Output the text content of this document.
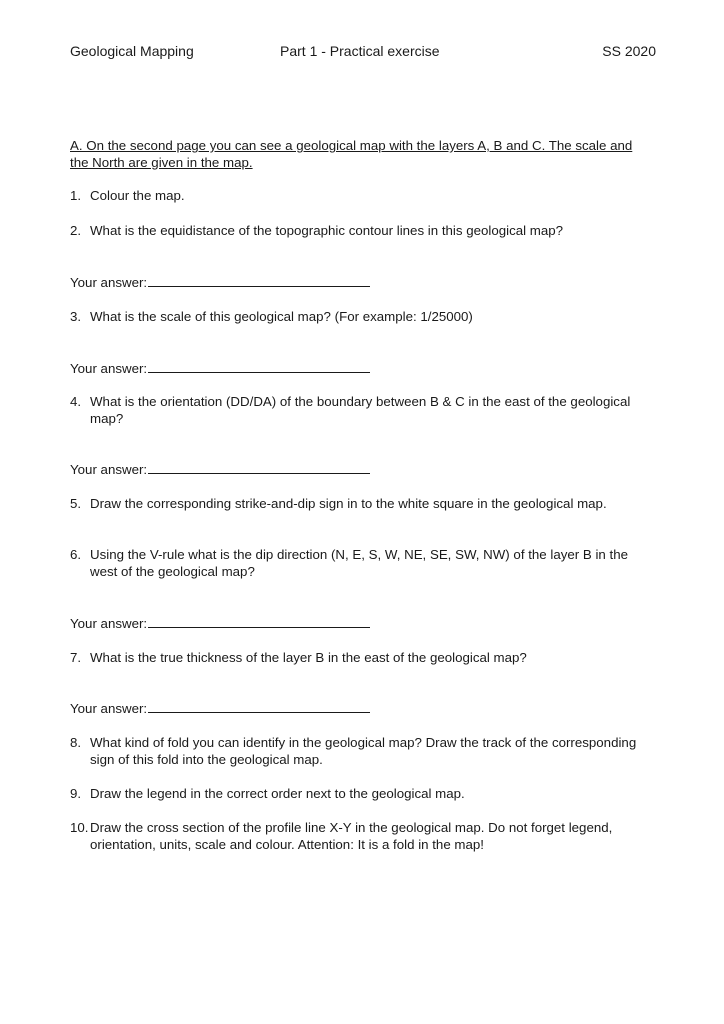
Geological Mapping	Part 1 - Practical exercise	SS 2020
A. On the second page you can see a geological map with the layers A, B and C. The scale and the North are given in the map.
1. Colour the map.
2. What is the equidistance of the topographic contour lines in this geological map?
Your answer:
3. What is the scale of this geological map? (For example: 1/25000)
Your answer:
4. What is the orientation (DD/DA) of the boundary between B & C in the east of the geological map?
Your answer:
5. Draw the corresponding strike-and-dip sign in to the white square in the geological map.
6. Using the V-rule what is the dip direction (N, E, S, W, NE, SE, SW, NW) of the layer B in the west of the geological map?
Your answer:
7. What is the true thickness of the layer B in the east of the geological map?
Your answer:
8. What kind of fold you can identify in the geological map? Draw the track of the corresponding sign of this fold into the geological map.
9. Draw the legend in the correct order next to the geological map.
10. Draw the cross section of the profile line X-Y in the geological map. Do not forget legend, orientation, units, scale and colour. Attention: It is a fold in the map!
